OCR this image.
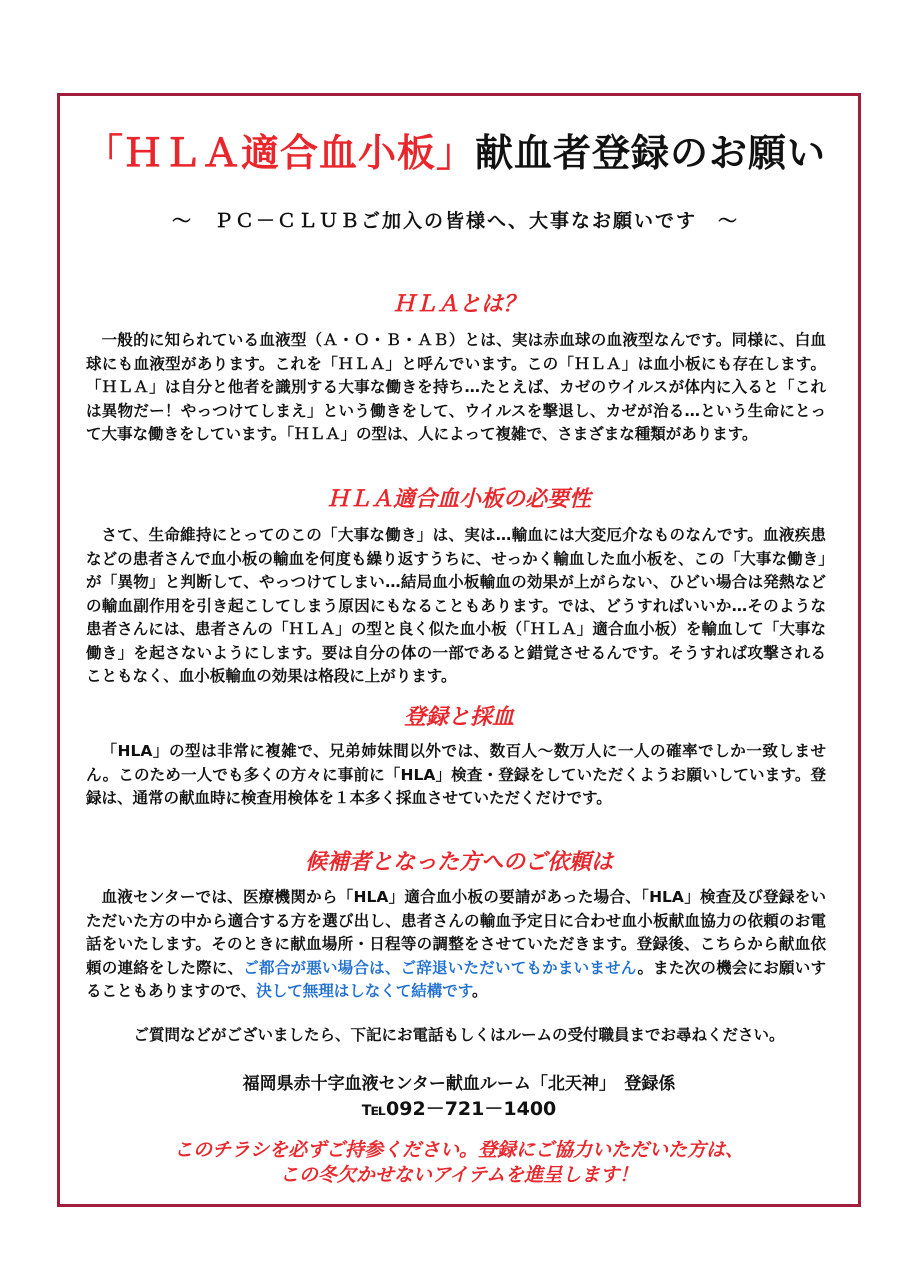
「ＨＬＡ適合血小板」献血者登録のお願い
～　ＰＣ－ＣＬＵＢご加入の皆様へ、大事なお願いです　～
ＨＬＡとは？
一般的に知られている血液型（Ａ・Ｏ・Ｂ・ＡＢ）とは、実は赤血球の血液型なんです。同様に、白血球にも血液型があります。これを「ＨＬＡ」と呼んでいます。この「ＨＬＡ」は血小板にも存在します。「ＨＬＡ」は自分と他者を識別する大事な働きを持ち…たとえば、カゼのウイルスが体内に入ると「これは異物だー！やっつけてしまえ」という働きをして、ウイルスを撃退し、カゼが治る…という生命にとって大事な働きをしています。「ＨＬＡ」の型は、人によって複雑で、さまざまな種類があります。
ＨＬＡ適合血小板の必要性
さて、生命維持にとってのこの「大事な働き」は、実は…輸血には大変厄介なものなんです。血液疾患などの患者さんで血小板の輸血を何度も繰り返すうちに、せっかく輸血した血小板を、この「大事な働き」が「異物」と判断して、やっつけてしまい…結局血小板輸血の効果が上がらない、ひどい場合は発熱などの輸血副作用を引き起こしてしまう原因にもなることもあります。では、どうすればいいか…そのような患者さんには、患者さんの「ＨＬＡ」の型と良く似た血小板（「ＨＬＡ」適合血小板）を輸血して「大事な働き」を起さないようにします。要は自分の体の一部であると錯覚させるんです。そうすれば攻撃されることもなく、血小板輸血の効果は格段に上がります。
登録と採血
「HLA」の型は非常に複雑で、兄弟姉妹間以外では、数百人～数万人に一人の確率でしか一致しません。このため一人でも多くの方々に事前に「HLA」検査・登録をしていただくようお願いしています。登録は、通常の献血時に検査用検体を１本多く採血させていただくだけです。
候補者となった方へのご依頼は
血液センターでは、医療機関から「HLA」適合血小板の要請があった場合、「HLA」検査及び登録をいただいた方の中から適合する方を選び出し、患者さんの輸血予定日に合わせ血小板献血協力の依頼のお電話をいたします。そのときに献血場所・日程等の調整をさせていただきます。登録後、こちらから献血依頼の連絡をした際に、ご都合が悪い場合は、ご辞退いただいてもかまいません。また次の機会にお願いすることもありますので、決して無理はしなくて結構です。
ご質問などがございましたら、下記にお電話もしくはルームの受付職員までお尋ねください。
福岡県赤十字血液センター献血ルーム「北天神」　登録係
℡092－721－1400
このチラシを必ずご持参ください。登録にご協力いただいた方は、
この冬欠かせないアイテムを進呈します！
